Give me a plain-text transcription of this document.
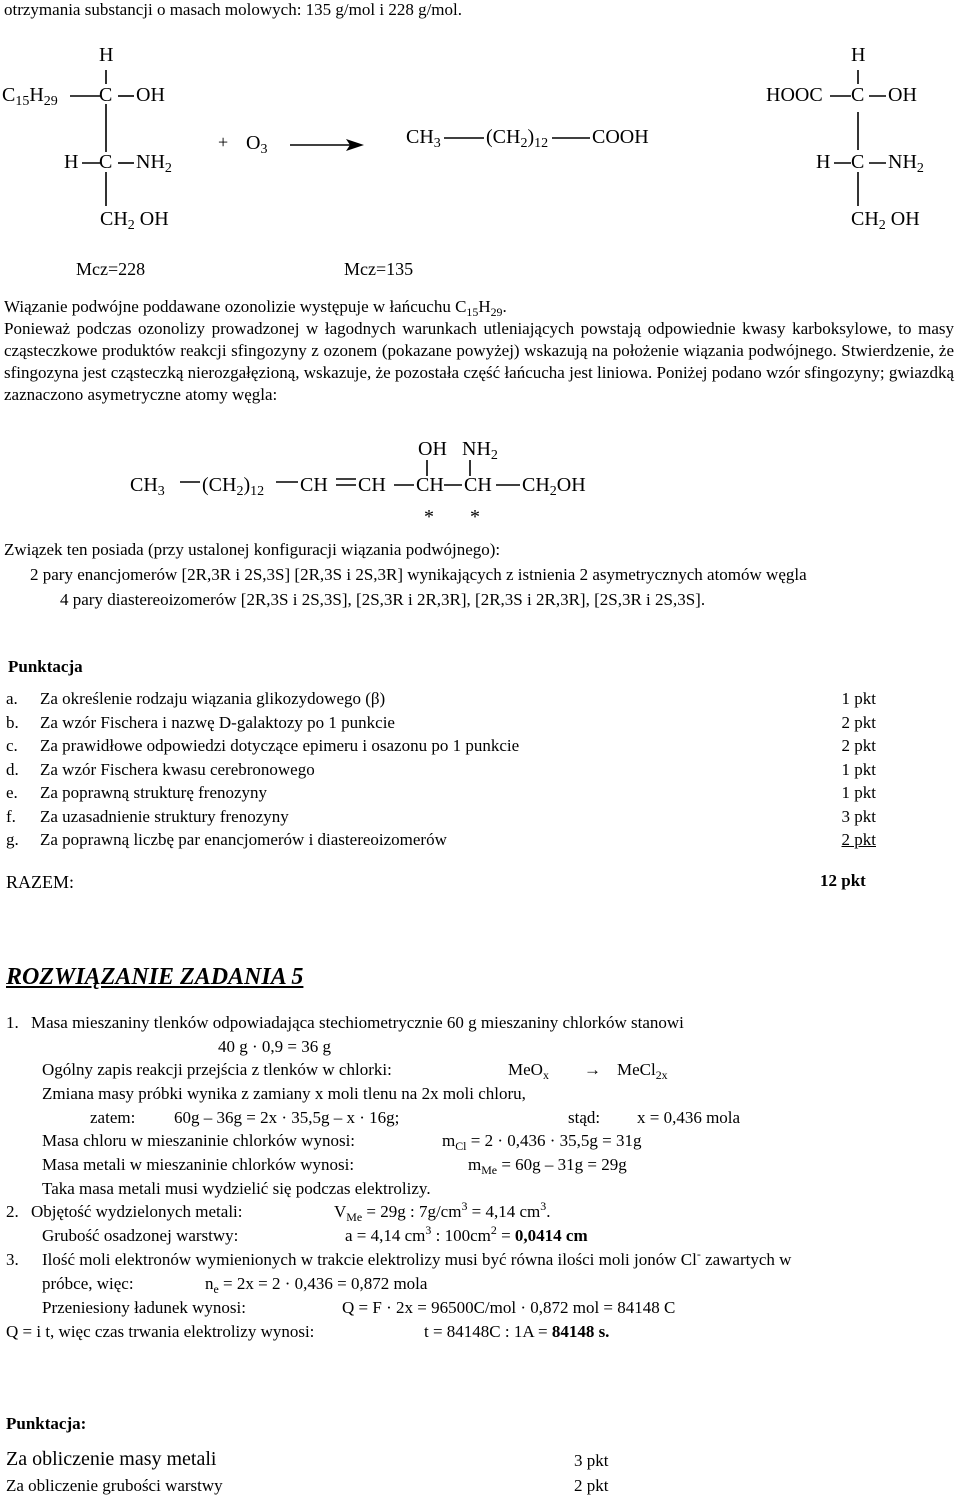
otrzymania substancji o masach molowych: 135 g/mol i 228 g/mol.
H
$C_{15}H_{29}$ C OH
H C $NH_2$
$CH_2$ OH
+ $O_3$
$CH_3$ $(CH_2)_{12}$ COOH
H
HOOC C OH
H C $NH_2$
$CH_2$ OH
Mcz=228	Mcz=135
Wiązanie podwójne poddawane ozonolizie występuje w łańcuchu $C_{15}H_{29}$.
Ponieważ podczas ozonolizy prowadzonej w łagodnych warunkach utleniających powstają odpowiednie kwasy karboksylowe, to masy cząsteczkowe produktów reakcji sfingozyny z ozonem (pokazane powyżej) wskazują na położenie wiązania podwójnego. Stwierdzenie, że sfingozyna jest cząsteczką nierozgałęzioną, wskazuje, że pozostała część łańcucha jest liniowa. Poniżej podano wzór sfingozyny; gwiazdką zaznaczono asymetryczne atomy węgla:
OH $NH_2$
$CH_3$ $(CH_2)_{12}$ CH CH CH CH $CH_2OH$
* *
Związek ten posiada (przy ustalonej konfiguracji wiązania podwójnego):
2 pary enancjomerów [2R,3R i 2S,3S] [2R,3S i 2S,3R] wynikających z istnienia 2 asymetrycznych atomów węgla
4 pary diastereoizomerów [2R,3S i 2S,3S], [2S,3R i 2R,3R], [2R,3S i 2R,3R], [2S,3R i 2S,3S].
Punktacja
a. Za określenie rodzaju wiązania glikozydowego (β)	1 pkt
b. Za wzór Fischera i nazwę D-galaktozy po 1 punkcie	2 pkt
c. Za prawidłowe odpowiedzi dotyczące epimeru i osazonu po 1 punkcie	2 pkt
d. Za wzór Fischera kwasu cerebronowego	1 pkt
e. Za poprawną strukturę frenozyny	1 pkt
f. Za uzasadnienie struktury frenozyny	3 pkt
g. Za poprawną liczbę par enancjomerów i diastereoizomerów	2 pkt
RAZEM:	12 pkt
ROZWIĄZANIE ZADANIA 5
1. Masa mieszaniny tlenków odpowiadająca stechiometrycznie 60 g mieszaniny chlorków stanowi
40 g · 0,9 = 36 g
Ogólny zapis reakcji przejścia z tlenków w chlorki:	MeO$_x$ → MeCl$_{2x}$
Zmiana masy próbki wynika z zamiany x moli tlenu na 2x moli chloru,
zatem: 60g – 36g = 2x · 35,5g – x · 16g;	stąd: x = 0,436 mola
Masa chloru w mieszaninie chlorków wynosi:	$m_{Cl} = 2 \cdot 0,436 \cdot 35,5g = 31g$
Masa metali w mieszaninie chlorków wynosi:	$m_{Me} = 60g - 31g = 29g$
Taka masa metali musi wydzielić się podczas elektrolizy.
2. Objętość wydzielonych metali:	$V_{Me} = 29g$ : $7g/cm^3 = 4,14$ $cm^3$.
Grubość osadzonej warstwy:	a = 4,14 $cm^3$ : $100cm^2 = 0,0414$ cm
3. Ilość moli elektronów wymienionych w trakcie elektrolizy musi być równa ilości moli jonów Cl- zawartych w
próbce, więc:	$n_e = 2x = 2 \cdot 0,436 = 0,872$ mola
Przeniesiony ładunek wynosi:	Q = F · 2x = 96500C/mol · 0,872 mol = 84148 C
Q = i t, więc czas trwania elektrolizy wynosi:	t = 84148C : 1A = 84148 s.
Punktacja:
Za obliczenie masy metali	3 pkt
Za obliczenie grubości warstwy	2 pkt
